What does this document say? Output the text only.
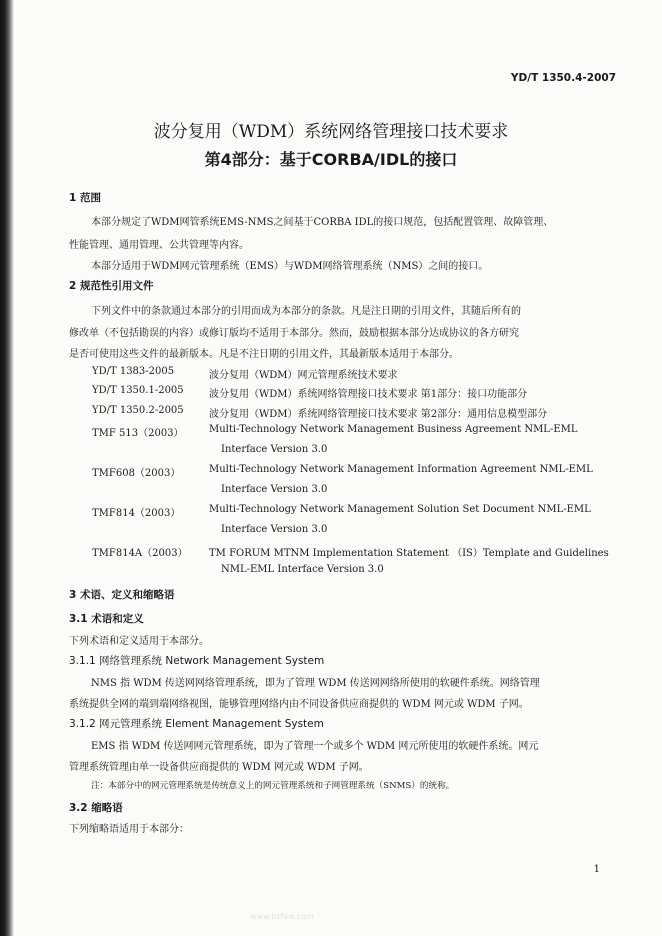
YD/T 1350.4-2007
波分复用（WDM）系统网络管理接口技术要求
第4部分：基于CORBA/IDL的接口
1 范围
本部分规定了WDM网管系统EMS-NMS之间基于CORBA IDL的接口规范，包括配置管理、故障管理、
性能管理、通用管理、公共管理等内容。
本部分适用于WDM网元管理系统（EMS）与WDM网络管理系统（NMS）之间的接口。
2 规范性引用文件
下列文件中的条款通过本部分的引用而成为本部分的条款。凡是注日期的引用文件，其随后所有的
修改单（不包括勘误的内容）或修订版均不适用于本部分。然而，鼓励根据本部分达成协议的各方研究
是否可使用这些文件的最新版本。凡是不注日期的引用文件，其最新版本适用于本部分。
YD/T 1383-2005	波分复用（WDM）网元管理系统技术要求
YD/T 1350.1-2005	波分复用（WDM）系统网络管理接口技术要求 第1部分：接口功能部分
YD/T 1350.2-2005	波分复用（WDM）系统网络管理接口技术要求 第2部分：通用信息模型部分
TMF 513（2003）	Multi-Technology Network Management Business Agreement NML-EML
Interface Version 3.0
TMF608（2003）	Multi-Technology Network Management Information Agreement NML-EML
Interface Version 3.0
TMF814（2003）	Multi-Technology Network Management Solution Set Document NML-EML
Interface Version 3.0
TMF814A（2003） TM FORUM MTNM Implementation Statement （IS）Template and Guidelines
NML-EML Interface Version 3.0
3 术语、定义和缩略语
3.1 术语和定义
下列术语和定义适用于本部分。
3.1.1 网络管理系统 Network Management System
NMS 指 WDM 传送网网络管理系统，即为了管理 WDM 传送网网络所使用的软硬件系统。网络管理
系统提供全网的端到端网络视图，能够管理网络内由不同设备供应商提供的 WDM 网元或 WDM 子网。
3.1.2 网元管理系统 Element Management System
EMS 指 WDM 传送网网元管理系统，即为了管理一个或多个 WDM 网元所使用的软硬件系统。网元
管理系统管理由单一设备供应商提供的 WDM 网元或 WDM 子网。
注：本部分中的网元管理系统是传统意义上的网元管理系统和子网管理系统（SNMS）的统称。
3.2 缩略语
下列缩略语适用于本部分：
1
www.bzfxw.com
